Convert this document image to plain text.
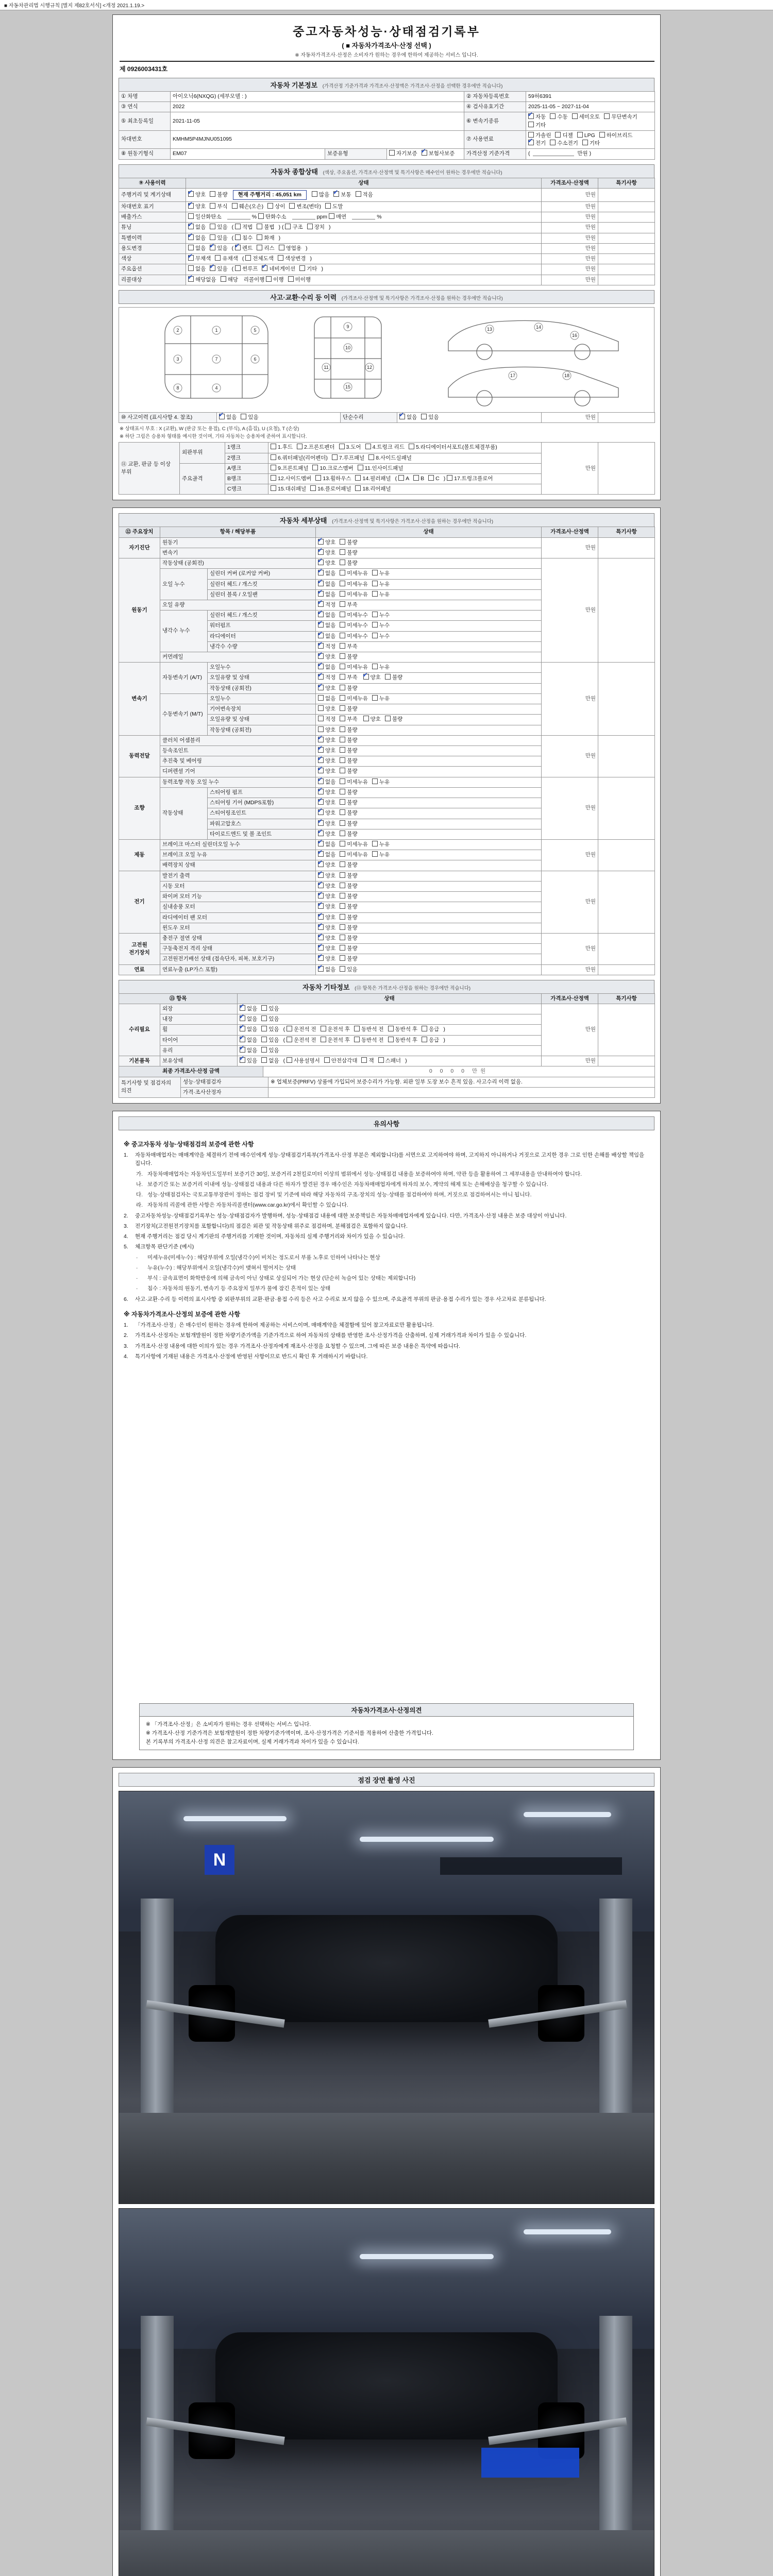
■ 자동차관리법 시행규칙 [별지 제82호서식] <개정 2021.1.19.>
중고자동차성능·상태점검기록부
( ■ 자동차가격조사·산정 선택 )
※ 자동차가격조사·산정은 소비자가 원하는 경우에 한하여 제공하는 서비스 입니다.
제 0926003431호
자동차 기본정보 (가격산정 기준가격과 가격조사·산정액은 가격조사·산정을 선택한 경우에만 적습니다)
① 차명	아이오닉6(NXQG) (세부모델 : )			② 자동차등록번호	59허6391
③ 연식	2022			④ 검사유효기간	2025-11-05 ~ 2027-11-04
⑤ 최초등록일	2021-11-05			⑥ 변속기종류	✔자동 수동 세미오토 무단변속기기타
차대번호	KMHM5P4MJNU051095			⑦ 사용연료	가솔린 디젤 LPG 하이브리드✔전기 수소전기 기타
⑧ 원동기형식	EM07	보증유형	자기보증 ✔ 보험사보증	가격산정 기준가격	( 만원 )
자동차 종합상태 (색상, 주요옵션, 가격조사·산정액 및 특기사항은 매수인이 원하는 경우에만 적습니다)
⑨ 사용이력	상태	가격조사·산정액	특기사항
주행거리 및 계기상태	✔양호 불량 현재 주행거리 : 45,051 km 많음 ✔ 보통 적음	만원	
차대번호 표기	✔양호 부식 훼손(오손) 상이 변조(변타) 도말	만원	
배출가스	일산화탄소 % 탄화수소 ppm 매연 %	만원	
튜닝	✔없음 있음 ( 적법 불법 ) ( 구조 장치 )	만원	
특별이력	✔없음 있음 ( 침수 화재 )	만원	
용도변경	없음 ✔ 있음 ( ✔렌트 리스 영업용 )	만원	
색상	✔무채색 유채색 ( 전체도색 색상변경 )	만원	
주요옵션	없음 ✔ 있음 ( 썬루프 ✔ 네비게이션 기타 )	만원	
리콜대상	✔해당없음 해당 리콜이행 이행 미이행	만원	
사고·교환·수리 등 이력 (가격조사·산정액 및 특기사항은 가격조사·산정을 원하는 경우에만 적습니다)
2	1	5
3	7	6
8	4
9
10
11	12
15
13	14
16
17	18
⑩ 사고이력 (표시사항 4. 참조)	✔없음 있음	단순수리	✔없음 있음	만원	
※ 상태표시 부호 : X (교환), W (판금 또는 용접), C (부식), A (흠집), U (요철), T (손상)
※ 하단 그림은 승용차 형태를 예시한 것이며, 기타 자동차는 승용차에 준하여 표시합니다.
⑪ 교환, 판금 등 이상 부위	외판부위	1랭크	1.후드 2.프론트펜더 3.도어 4.트렁크 리드 5.라디에이터서포트(볼트체결부품)	만원	
		2랭크	6.쿼터패널(리어펜더) 7.루프패널 8.사이드실패널		
	주요골격	A랭크	9.프론트패널 10.크로스멤버 11.인사이드패널		
		B랭크	12.사이드멤버 13.휠하우스 14.필러패널 ( A B C ) 17.트렁크플로어		
		C랭크	15.대쉬패널 16.플로어패널 18.리어패널		
자동차 세부상태 (가격조사·산정액 및 특기사항은 가격조사·산정을 원하는 경우에만 적습니다)
⑫ 주요장치	항목 / 해당부품		상태	가격조사·산정액	특기사항
자기진단	원동기	✔양호 불량	만원	
	변속기	✔양호 불량
원동기	작동상태 (공회전)	✔양호 불량	만원	
	오일 누수	실린더 커버 (로커암 커버)	✔없음 미세누유 누유
		실린더 헤드 / 개스킷	✔없음 미세누유 누유
		실린더 블록 / 오일팬	✔없음 미세누유 누유
	오일 유량	✔적정 부족
	냉각수 누수	실린더 헤드 / 개스킷	✔없음 미세누수 누수
		워터펌프	✔없음 미세누수 누수
		라디에이터	✔없음 미세누수 누수
		냉각수 수량	✔적정 부족
	커먼레일	✔양호 불량
변속기	자동변속기 (A/T)	오일누수	✔없음 미세누유 누유	만원	
		오일유량 및 상태	✔적정 부족 ✔ 양호 불량
		작동상태 (공회전)	✔양호 불량
	수동변속기 (M/T)	오일누수	없음 미세누유 누유		
		기어변속장치	양호 불량		
		오일유량 및 상태	적정 부족 양호 불량		
		작동상태 (공회전)	양호 불량		
동력전달	클러치 어셈블리	✔양호 불량	만원	
	등속조인트	✔양호 불량
	추진축 및 베어링	✔양호 불량
	디퍼렌셜 기어	✔양호 불량
조향	동력조향 작동 오일 누수	✔없음 미세누유 누유	만원	
	작동상태	스티어링 펌프	✔양호 불량
		스티어링 기어 (MDPS포함)	✔양호 불량
		스티어링조인트	✔양호 불량
		파워고압호스	✔양호 불량
		타이로드엔드 및 볼 조인트	✔양호 불량
제동	브레이크 마스터 실린더오일 누수	✔없음 미세누유 누유	만원	
	브레이크 오일 누유	✔없음 미세누유 누유
	배력장치 상태	✔양호 불량
전기	발전기 출력	✔양호 불량	만원	
	시동 모터	✔양호 불량
	와이퍼 모터 기능	✔양호 불량
	실내송풍 모터	✔양호 불량
	라디에이터 팬 모터	✔양호 불량
	윈도우 모터	✔양호 불량
고전원 전기장치	충전구 절연 상태	✔양호 불량	만원	
	구동축전지 격리 상태	✔양호 불량
	고전원전기배선 상태 (접속단자, 피복, 보호기구)	✔양호 불량
연료	연료누출 (LP가스 포함)	✔없음 있음	만원	
자동차 기타정보 (⑬ 항목은 가격조사·산정을 원하는 경우에만 적습니다)
⑬ 항목		상태	가격조사·산정액	특기사항
수리필요	외장	✔없음 있음	만원	
	내장	✔없음 있음
	휠	✔없음 있음 ( 운전석 전 운전석 후 동반석 전 동반석 후 응급 )
	타이어	✔없음 있음 ( 운전석 전 운전석 후 동반석 전 동반석 후 응급 )
	유리	✔없음 있음
기본품목	보유상태	✔있음 없음 ( 사용설명서 안전삼각대 잭 스패너 )	만원	
최종 가격조사·산정 금액	0 0 0 0 만원
특기사항 및 점검자의 의견	성능·상태점검자	※ 업체보증(PRFV) 상품에 가입되어 보증수리가 가능함. 외판 일부 도장 보수 흔적 있음. 사고수리 이력 없음.
	가격·조사산정자	
유의사항
※ 중고자동차 성능·상태점검의 보증에 관한 사항
1.	자동차매매업자는 매매계약을 체결하기 전에 매수인에게 성능·상태점검기록부(가격조사·산정 부분은 제외합니다)를 서면으로 고지하여야 하며, 고지하지 아니하거나 거짓으로 고지한 경우 그로 인한 손해를 배상할 책임을 집니다.
가. 자동차매매업자는 자동차인도일부터 보증기간 30일, 보증거리 2천킬로미터 이상의 범위에서 성능·상태점검 내용을 보증하여야 하며, 약관 등을 활용하여 그 세부내용을 안내하여야 합니다.
나. 보증기간 또는 보증거리 이내에 성능·상태점검 내용과 다른 하자가 발견된 경우 매수인은 자동차매매업자에게 하자의 보수, 계약의 해제 또는 손해배상을 청구할 수 있습니다.
다. 성능·상태점검자는 국토교통부장관이 정하는 점검 장비 및 기준에 따라 해당 자동차의 구조·장치의 성능·상태를 점검하여야 하며, 거짓으로 점검하여서는 아니 됩니다.
라. 자동차의 리콜에 관한 사항은 자동차리콜센터(www.car.go.kr)에서 확인할 수 있습니다.
2.	중고자동차성능·상태점검기록부는 성능·상태점검자가 발행하며, 성능·상태점검 내용에 대한 보증책임은 자동차매매업자에게 있습니다. 다만, 가격조사·산정 내용은 보증 대상이 아닙니다.
3.	전기장치(고전원전기장치를 포함합니다)의 점검은 외관 및 작동상태 위주로 점검하며, 분해점검은 포함하지 않습니다.
4.	현재 주행거리는 점검 당시 계기판의 주행거리를 기재한 것이며, 자동차의 실제 주행거리와 차이가 있을 수 있습니다.
5.	체크항목 판단기준 (예시)
·	미세누유(미세누수) : 해당부위에 오일(냉각수)이 비치는 정도로서 부품 노후로 인하여 나타나는 현상
·	누유(누수) : 해당부위에서 오일(냉각수)이 맺혀서 떨어지는 상태
·	부식 : 금속표면이 화학반응에 의해 금속이 아닌 상태로 상실되어 가는 현상 (단순히 녹슬어 있는 상태는 제외합니다)
·	침수 : 자동차의 원동기, 변속기 등 주요장치 일부가 물에 잠긴 흔적이 있는 상태
6.	사고·교환·수리 등 이력의 표시사항 중 외판부위의 교환·판금·용접 수리 등은 사고 수리로 보지 않을 수 있으며, 주요골격 부위의 판금·용접 수리가 있는 경우 사고차로 분류됩니다.
※ 자동차가격조사·산정의 보증에 관한 사항
1.	「가격조사·산정」은 매수인이 원하는 경우에 한하여 제공하는 서비스이며, 매매계약을 체결함에 있어 참고자료로만 활용됩니다.
2.	가격조사·산정자는 보험개발원이 정한 차량기준가액을 기준가격으로 하여 자동차의 상태를 반영한 조사·산정가격을 산출하며, 실제 거래가격과 차이가 있을 수 있습니다.
3.	가격조사·산정 내용에 대한 이의가 있는 경우 가격조사·산정자에게 재조사·산정을 요청할 수 있으며, 그에 따른 보증 내용은 특약에 따릅니다.
4.	특기사항에 기재된 내용은 가격조사·산정에 반영된 사항이므로 반드시 확인 후 거래하시기 바랍니다.
자동차가격조사·산정의견
※ 「가격조사·산정」은 소비자가 원하는 경우 선택하는 서비스 입니다.
※ 가격조사·산정 기준가격은 보험개발원이 정한 차량기준가액이며, 조사·산정가격은 기준서를 적용하여 산출한 가격입니다.
본 기록부의 가격조사·산정 의견은 참고자료이며, 실제 거래가격과 차이가 있을 수 있습니다.
점검 장면 촬영 사진
N
